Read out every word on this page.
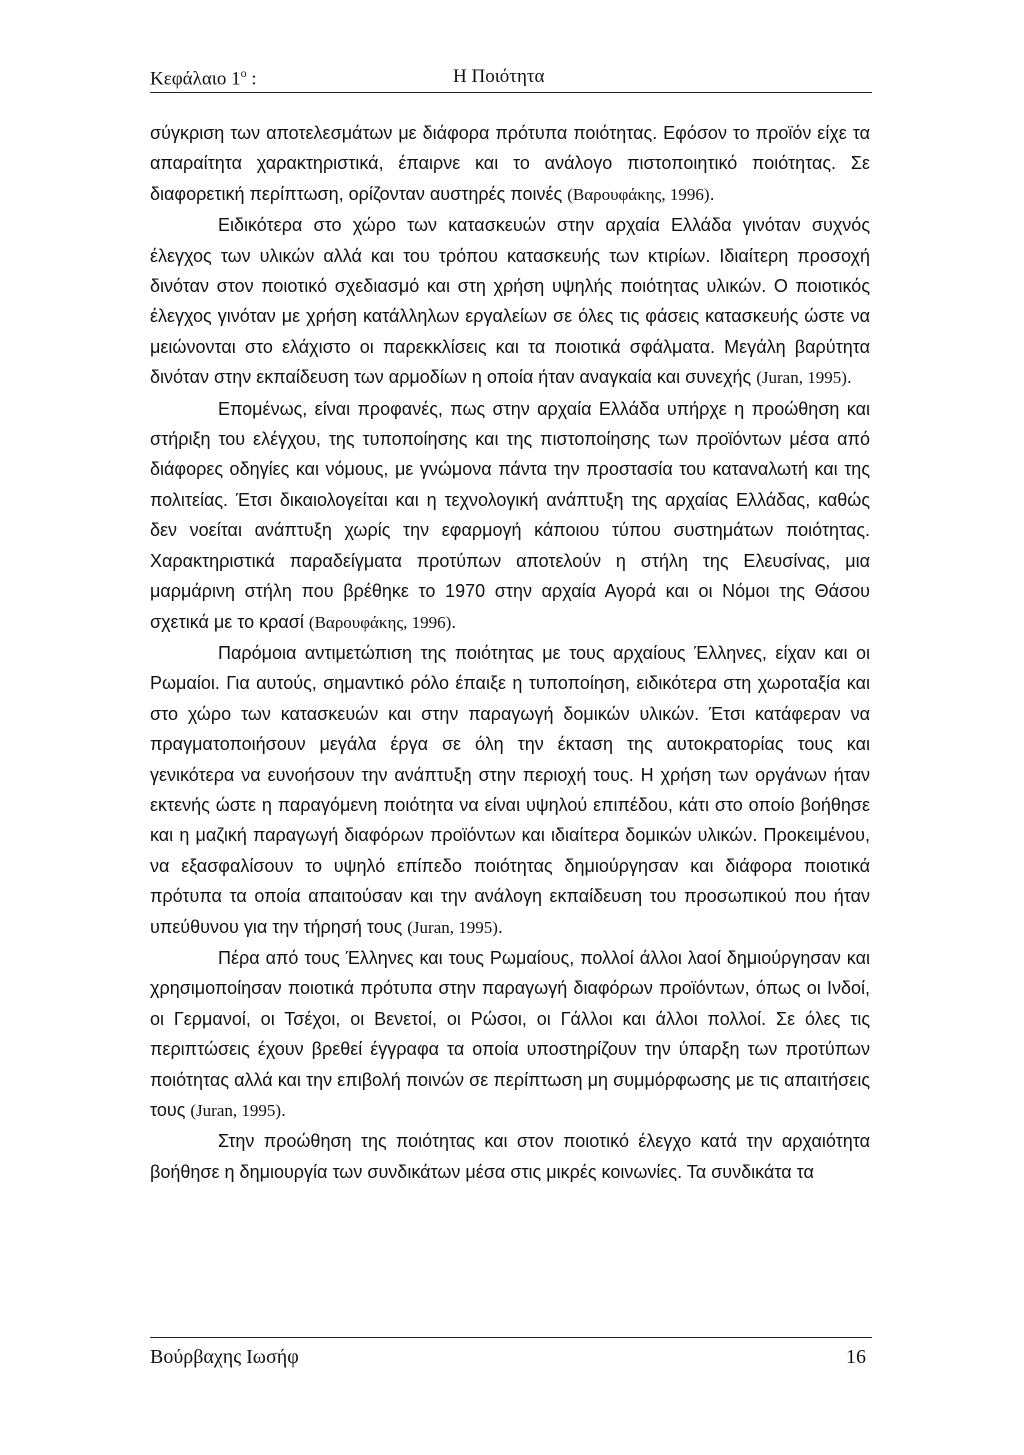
Κεφάλαιο $1^o$ :	Η Ποιότητα

σύγκριση των αποτελεσμάτων με διάφορα πρότυπα ποιότητας. Εφόσον το προϊόν είχε τα απαραίτητα χαρακτηριστικά, έπαιρνε και το ανάλογο πιστοποιητικό ποιότητας. Σε διαφορετική περίπτωση, ορίζονταν αυστηρές ποινές (Βαρουφάκης, 1996).

Ειδικότερα στο χώρο των κατασκευών στην αρχαία Ελλάδα γινόταν συχνός έλεγχος των υλικών αλλά και του τρόπου κατασκευής των κτιρίων. Ιδιαίτερη προσοχή δινόταν στον ποιοτικό σχεδιασμό και στη χρήση υψηλής ποιότητας υλικών. Ο ποιοτικός έλεγχος γινόταν με χρήση κατάλληλων εργαλείων σε όλες τις φάσεις κατασκευής ώστε να μειώνονται στο ελάχιστο οι παρεκκλίσεις και τα ποιοτικά σφάλματα. Μεγάλη βαρύτητα δινόταν στην εκπαίδευση των αρμοδίων η οποία ήταν αναγκαία και συνεχής (Juran, 1995).

Επομένως, είναι προφανές, πως στην αρχαία Ελλάδα υπήρχε η προώθηση και στήριξη του ελέγχου, της τυποποίησης και της πιστοποίησης των προϊόντων μέσα από διάφορες οδηγίες και νόμους, με γνώμονα πάντα την προστασία του καταναλωτή και της πολιτείας. Έτσι δικαιολογείται και η τεχνολογική ανάπτυξη της αρχαίας Ελλάδας, καθώς δεν νοείται ανάπτυξη χωρίς την εφαρμογή κάποιου τύπου συστημάτων ποιότητας. Χαρακτηριστικά παραδείγματα προτύπων αποτελούν η στήλη της Ελευσίνας, μια μαρμάρινη στήλη που βρέθηκε το 1970 στην αρχαία Αγορά και οι Νόμοι της Θάσου σχετικά με το κρασί (Βαρουφάκης, 1996).

Παρόμοια αντιμετώπιση της ποιότητας με τους αρχαίους Έλληνες, είχαν και οι Ρωμαίοι. Για αυτούς, σημαντικό ρόλο έπαιξε η τυποποίηση, ειδικότερα στη χωροταξία και στο χώρο των κατασκευών και στην παραγωγή δομικών υλικών. Έτσι κατάφεραν να πραγματοποιήσουν μεγάλα έργα σε όλη την έκταση της αυτοκρατορίας τους και γενικότερα να ευνοήσουν την ανάπτυξη στην περιοχή τους. Η χρήση των οργάνων ήταν εκτενής ώστε η παραγόμενη ποιότητα να είναι υψηλού επιπέδου, κάτι στο οποίο βοήθησε και η μαζική παραγωγή διαφόρων προϊόντων και ιδιαίτερα δομικών υλικών. Προκειμένου, να εξασφαλίσουν το υψηλό επίπεδο ποιότητας δημιούργησαν και διάφορα ποιοτικά πρότυπα τα οποία απαιτούσαν και την ανάλογη εκπαίδευση του προσωπικού που ήταν υπεύθυνου για την τήρησή τους (Juran, 1995).

Πέρα από τους Έλληνες και τους Ρωμαίους, πολλοί άλλοι λαοί δημιούργησαν και χρησιμοποίησαν ποιοτικά πρότυπα στην παραγωγή διαφόρων προϊόντων, όπως οι Ινδοί, οι Γερμανοί, οι Τσέχοι, οι Βενετοί, οι Ρώσοι, οι Γάλλοι και άλλοι πολλοί. Σε όλες τις περιπτώσεις έχουν βρεθεί έγγραφα τα οποία υποστηρίζουν την ύπαρξη των προτύπων ποιότητας αλλά και την επιβολή ποινών σε περίπτωση μη συμμόρφωσης με τις απαιτήσεις τους (Juran, 1995).

Στην προώθηση της ποιότητας και στον ποιοτικό έλεγχο κατά την αρχαιότητα βοήθησε η δημιουργία των συνδικάτων μέσα στις μικρές κοινωνίες. Τα συνδικάτα τα

Βούρβαχης Ιωσήφ	16
